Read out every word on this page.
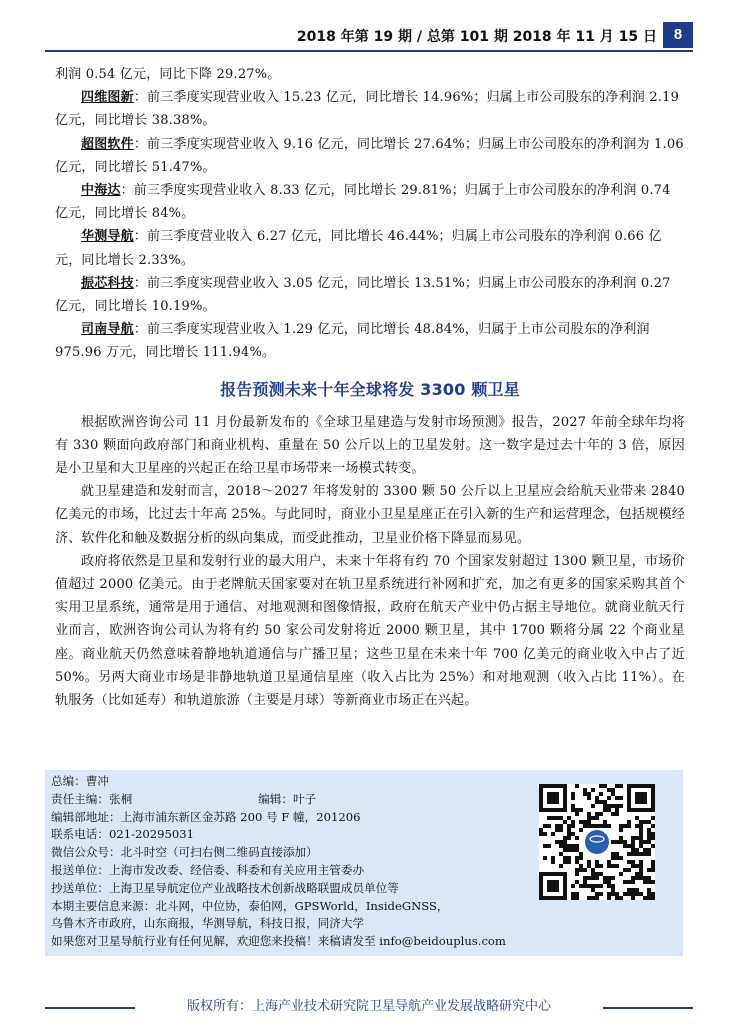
2018 年第 19 期 / 总第 101 期 2018 年 11 月 15 日	8

利润 0.54 亿元，同比下降 29.27%。

四维图新：前三季度实现营业收入 15.23 亿元，同比增长 14.96%；归属上市公司股东的净利润 2.19 亿元，同比增长 38.38%。

超图软件：前三季度实现营业收入 9.16 亿元，同比增长 27.64%；归属上市公司股东的净利润为 1.06 亿元，同比增长 51.47%。

中海达：前三季度实现营业收入 8.33 亿元，同比增长 29.81%；归属于上市公司股东的净利润 0.74 亿元，同比增长 84%。

华测导航：前三季度营业收入 6.27 亿元，同比增长 46.44%；归属上市公司股东的净利润 0.66 亿元，同比增长 2.33%。

振芯科技：前三季度实现营业收入 3.05 亿元，同比增长 13.51%；归属上市公司股东的净利润 0.27 亿元，同比增长 10.19%。

司南导航：前三季度实现营业收入 1.29 亿元，同比增长 48.84%，归属于上市公司股东的净利润 975.96 万元，同比增长 111.94%。

报告预测未来十年全球将发 3300 颗卫星

根据欧洲咨询公司 11 月份最新发布的《全球卫星建造与发射市场预测》报告，2027 年前全球年均将有 330 颗面向政府部门和商业机构、重量在 50 公斤以上的卫星发射。这一数字是过去十年的 3 倍，原因是小卫星和大卫星座的兴起正在给卫星市场带来一场模式转变。

就卫星建造和发射而言，2018～2027 年将发射的 3300 颗 50 公斤以上卫星应会给航天业带来 2840 亿美元的市场，比过去十年高 25%。与此同时，商业小卫星星座正在引入新的生产和运营理念，包括规模经济、软件化和触及数据分析的纵向集成，而受此推动，卫星业价格下降显而易见。

政府将依然是卫星和发射行业的最大用户，未来十年将有约 70 个国家发射超过 1300 颗卫星，市场价值超过 2000 亿美元。由于老牌航天国家要对在轨卫星系统进行补网和扩充，加之有更多的国家采购其首个实用卫星系统，通常是用于通信、对地观测和图像情报，政府在航天产业中仍占据主导地位。就商业航天行业而言，欧洲咨询公司认为将有约 50 家公司发射将近 2000 颗卫星，其中 1700 颗将分属 22 个商业星座。商业航天仍然意味着静地轨道通信与广播卫星；这些卫星在未来十年 700 亿美元的商业收入中占了近 50%。另两大商业市场是非静地轨道卫星通信星座（收入占比为 25%）和对地观测（收入占比 11%）。在轨服务（比如延寿）和轨道旅游（主要是月球）等新商业市场正在兴起。

总编：曹冲
责任主编：张桐	编辑：叶子
编辑部地址：上海市浦东新区金苏路 200 号 F 幢，201206
联系电话：021-20295031
微信公众号：北斗时空（可扫右侧二维码直接添加）
报送单位：上海市发改委、经信委、科委和有关应用主管委办
抄送单位：上海卫星导航定位产业战略技术创新战略联盟成员单位等
本期主要信息来源：北斗网，中位协，泰伯网，GPSWorld，InsideGNSS，
乌鲁木齐市政府，山东商报，华测导航，科技日报，同济大学
如果您对卫星导航行业有任何见解，欢迎您来投稿！来稿请发至 info@beidouplus.com
版权所有：上海产业技术研究院卫星导航产业发展战略研究中心
